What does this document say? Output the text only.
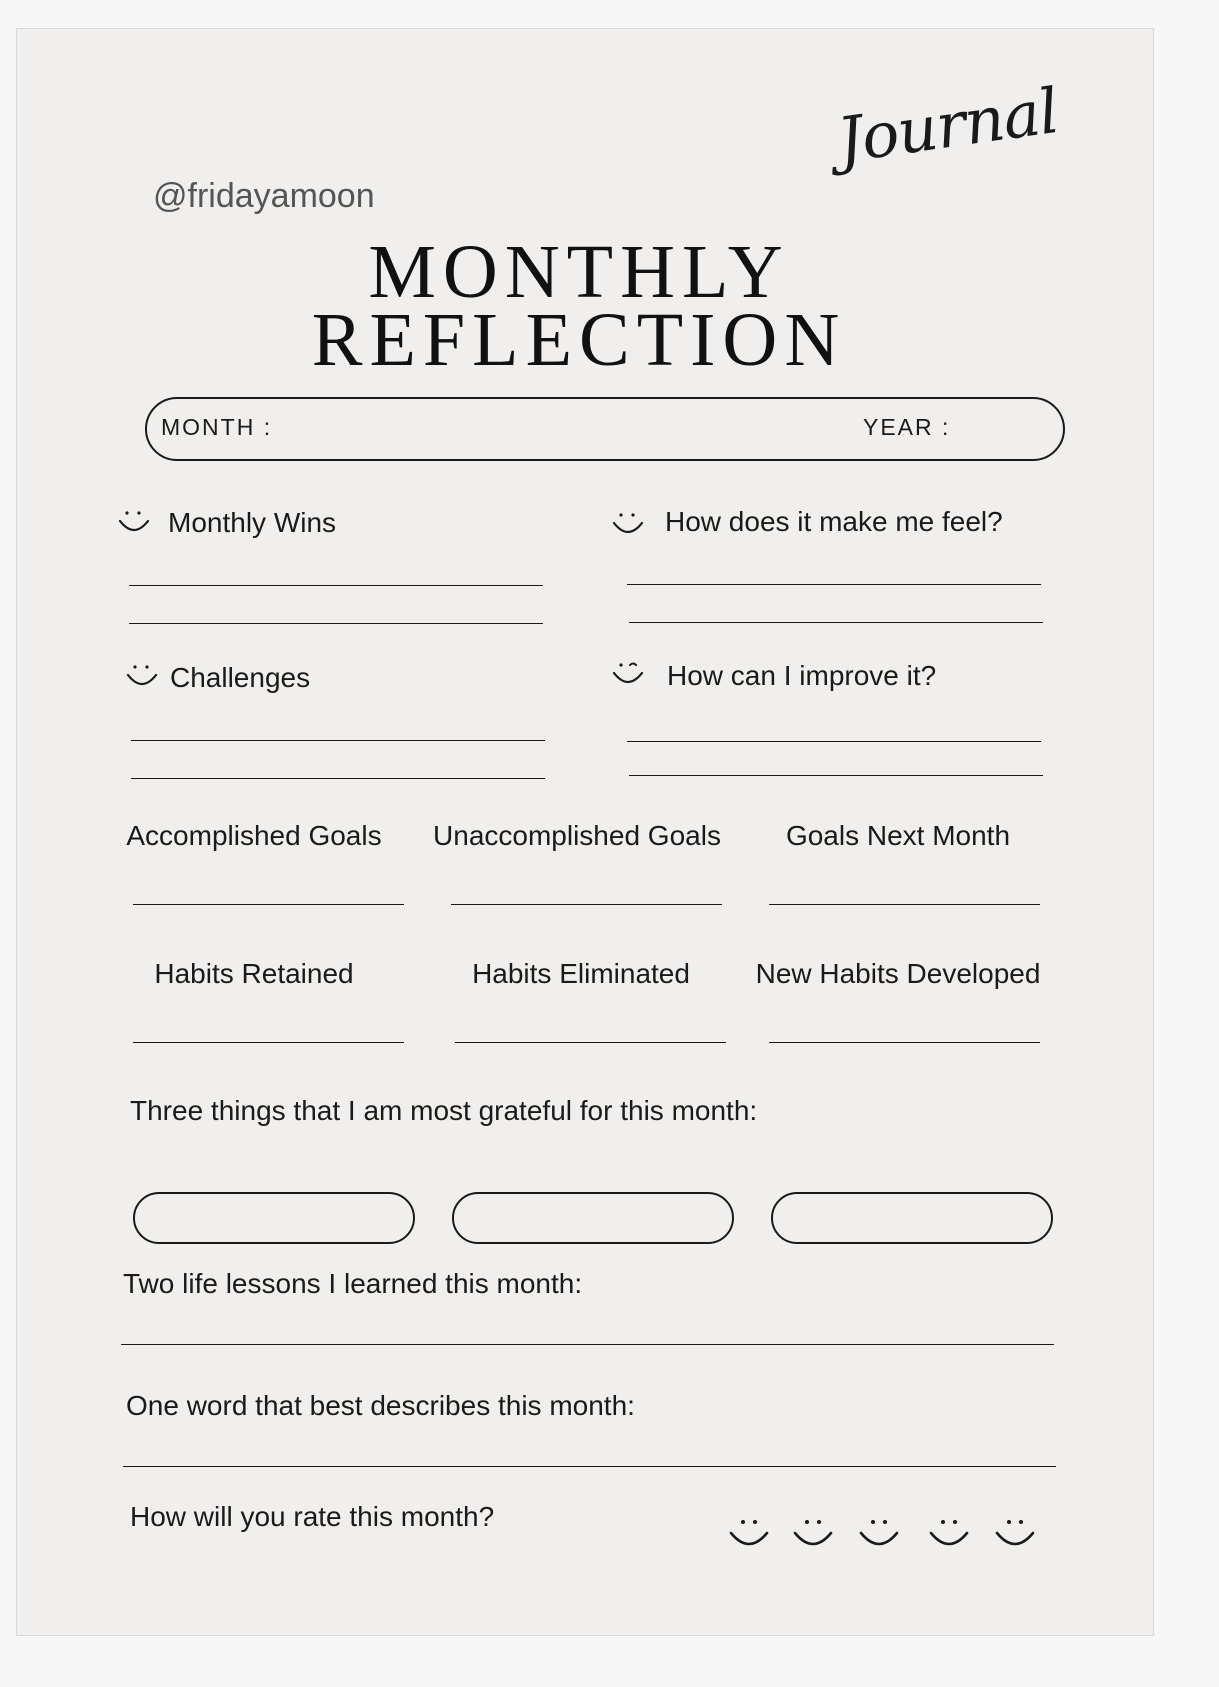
Journal
@fridayamoon
MONTHLY
REFLECTION
MONTH :	YEAR :
Monthly Wins	How does it make me feel?
Challenges	How can I improve it?
Accomplished Goals	Unaccomplished Goals	Goals Next Month
Habits Retained	Habits Eliminated	New Habits Developed
Three things that I am most grateful for this month:
Two life lessons I learned this month:
One word that best describes this month:
How will you rate this month?
